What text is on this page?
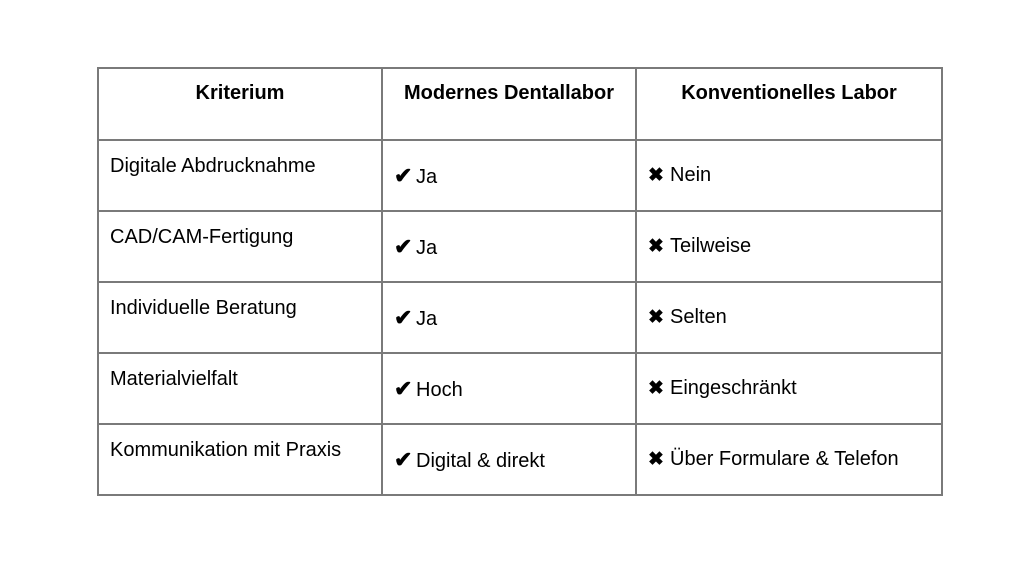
Kriterium	Modernes Dentallabor	Konventionelles Labor
Digitale Abdrucknahme	✔ Ja	✖ Nein
CAD/CAM-Fertigung	✔ Ja	✖ Teilweise
Individuelle Beratung	✔ Ja	✖ Selten
Materialvielfalt	✔ Hoch	✖ Eingeschränkt
Kommunikation mit Praxis	✔ Digital & direkt	✖ Über Formulare & Telefon
